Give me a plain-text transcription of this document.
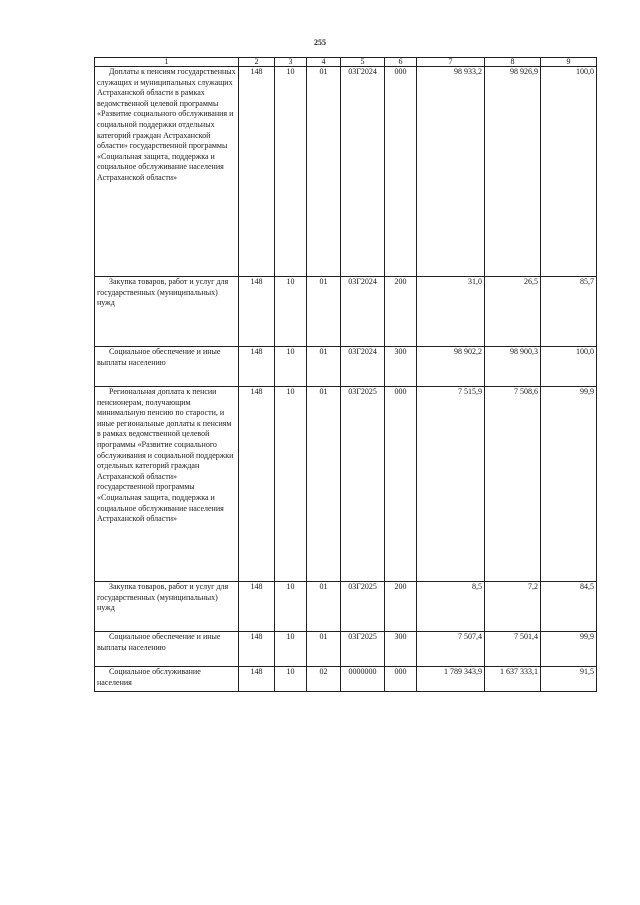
255
1	2	3	4	5	6	7	8	9

Доплаты к пенсиям государственных служащих и муниципальных служащих Астраханской области в рамках ведомственной целевой программы «Развитие социального обслуживания и социальной поддержки отдельных категорий граждан Астраханской области» государственной программы «Социальная защита, поддержка и социальное обслуживание населения Астраханской области»	148	10	01	03Г2024	000	98 933,2	98 926,9	100,0

Закупка товаров, работ и услуг для государственных (муниципальных) нужд	148	10	01	03Г2024	200	31,0	26,5	85,7

Социальное обеспечение и иные выплаты населению	148	10	01	03Г2024	300	98 902,2	98 900,3	100,0

Региональная доплата к пенсии пенсионерам, получающим минимальную пенсию по старости, и иные региональные доплаты к пенсиям в рамках ведомственной целевой программы «Развитие социального обслуживания и социальной поддержки отдельных категорий граждан Астраханской области» государственной программы «Социальная защита, поддержка и социальное обслуживание населения Астраханской области»	148	10	01	03Г2025	000	7 515,9	7 508,6	99,9

Закупка товаров, работ и услуг для государственных (муниципальных) нужд	148	10	01	03Г2025	200	8,5	7,2	84,5

Социальное обеспечение и иные выплаты населению	148	10	01	03Г2025	300	7 507,4	7 501,4	99,9

Социальное обслуживание населения	148	10	02	0000000	000	1 789 343,9	1 637 333,1	91,5
